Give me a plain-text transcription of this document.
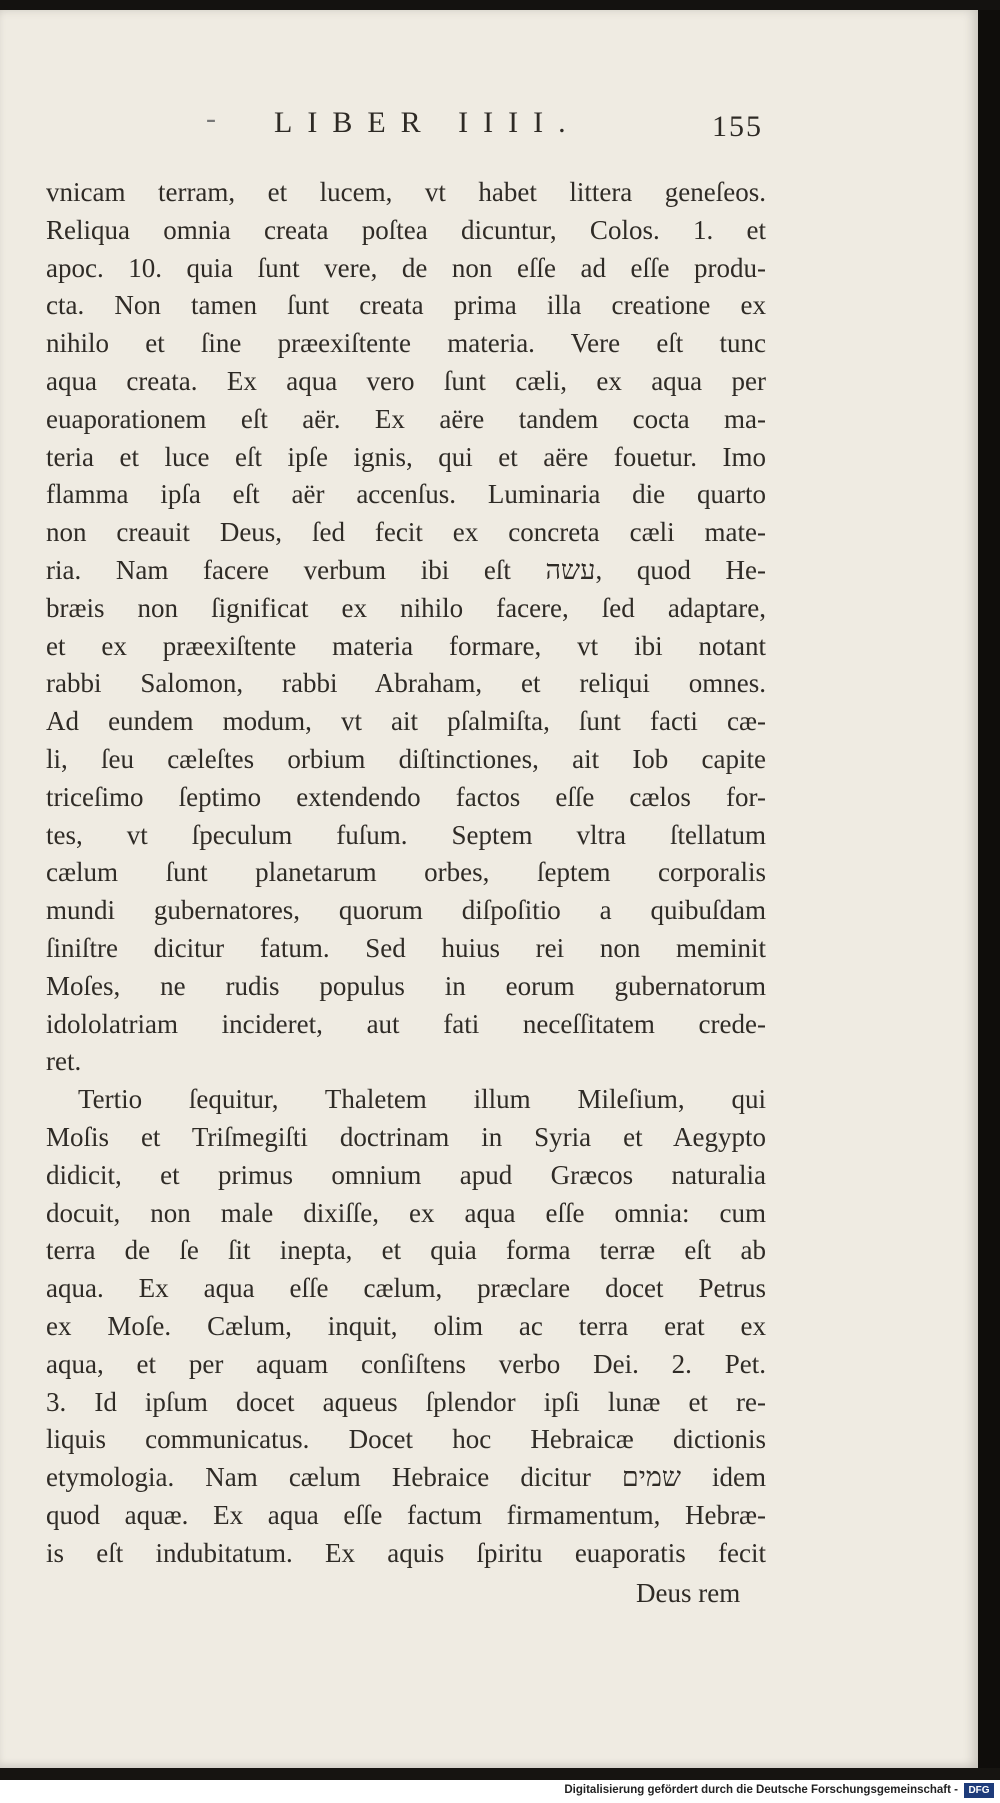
- LIBER IIII.	155
vnicam terram, et lucem, vt habet littera geneſeos.
Reliqua omnia creata poſtea dicuntur, Colos. 1. et
apoc. 10. quia ſunt vere, de non eſſe ad eſſe produ-
cta. Non tamen ſunt creata prima illa creatione ex
nihilo et ſine præexiſtente materia. Vere eſt tunc
aqua creata. Ex aqua vero ſunt cæli, ex aqua per
euaporationem eſt aër. Ex aëre tandem cocta ma-
teria et luce eſt ipſe ignis, qui et aëre fouetur. Imo
flamma ipſa eſt aër accenſus. Luminaria die quarto
non creauit Deus, ſed fecit ex concreta cæli mate-
ria. Nam facere verbum ibi eſt עשה, quod He-
bræis non ſignificat ex nihilo facere, ſed adaptare,
et ex præexiſtente materia formare, vt ibi notant
rabbi Salomon, rabbi Abraham, et reliqui omnes.
Ad eundem modum, vt ait pſalmiſta, ſunt facti cæ-
li, ſeu cæleſtes orbium diſtinctiones, ait Iob capite
triceſimo ſeptimo extendendo factos eſſe cælos for-
tes, vt ſpeculum fuſum. Septem vltra ſtellatum
cælum ſunt planetarum orbes, ſeptem corporalis
mundi gubernatores, quorum diſpoſitio a quibuſdam
ſiniſtre dicitur fatum. Sed huius rei non meminit
Moſes, ne rudis populus in eorum gubernatorum
idololatriam incideret, aut fati neceſſitatem crede-
ret.
Tertio ſequitur, Thaletem illum Mileſium, qui
Moſis et Triſmegiſti doctrinam in Syria et Aegypto
didicit, et primus omnium apud Græcos naturalia
docuit, non male dixiſſe, ex aqua eſſe omnia: cum
terra de ſe ſit inepta, et quia forma terræ eſt ab
aqua. Ex aqua eſſe cælum, præclare docet Petrus
ex Moſe. Cælum, inquit, olim ac terra erat ex
aqua, et per aquam conſiſtens verbo Dei. 2. Pet.
3. Id ipſum docet aqueus ſplendor ipſi lunæ et re-
liquis communicatus. Docet hoc Hebraicæ dictionis
etymologia. Nam cælum Hebraice dicitur שמים idem
quod aquæ. Ex aqua eſſe factum firmamentum, Hebræ-
is eſt indubitatum. Ex aquis ſpiritu euaporatis fecit
Deus rem
Digitalisierung gefördert durch die Deutsche Forschungsgemeinschaft -	DFG
